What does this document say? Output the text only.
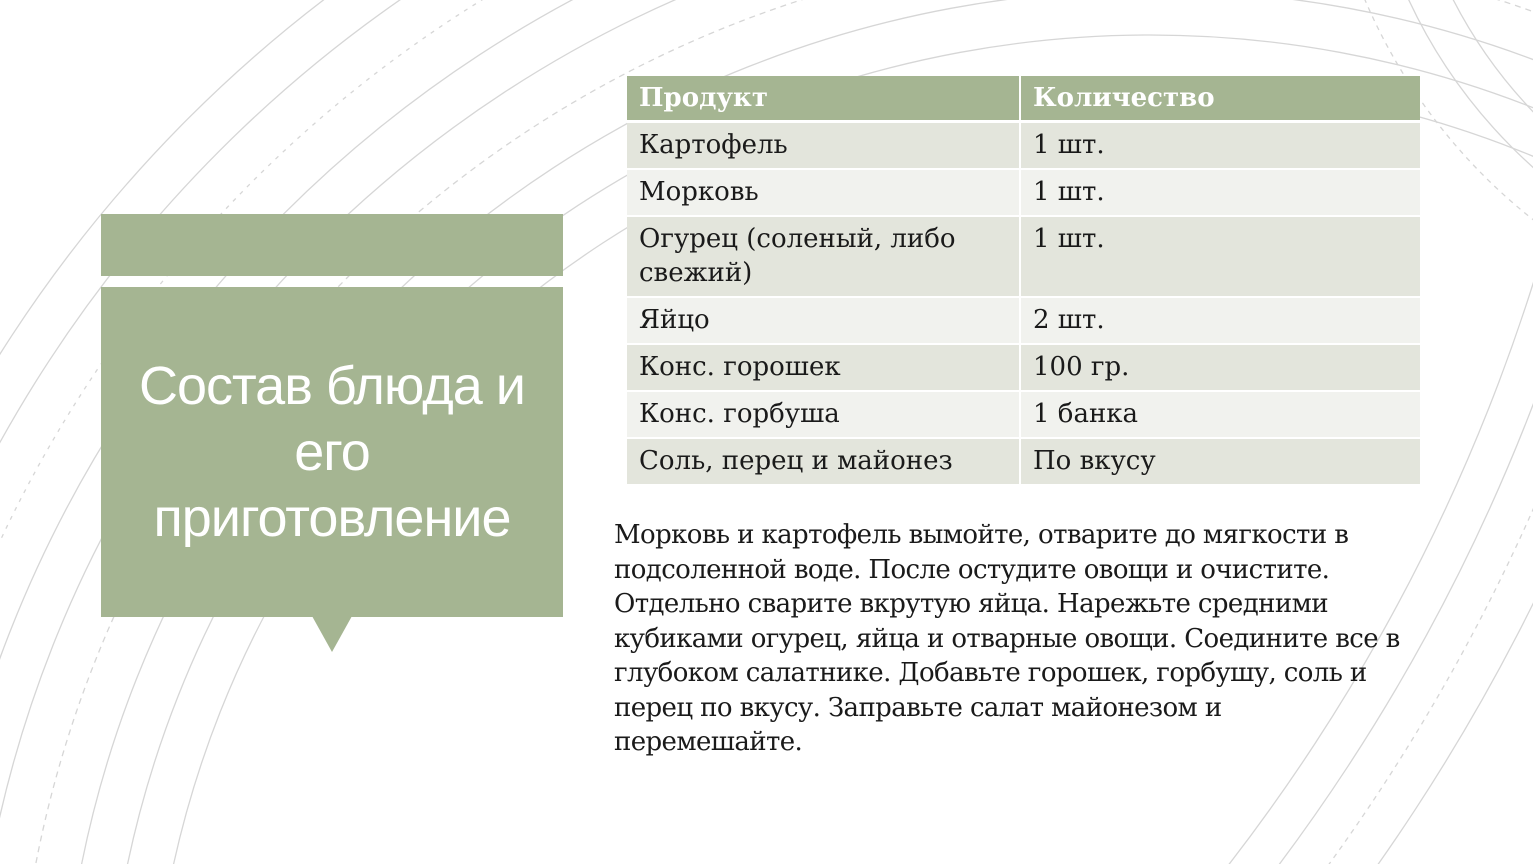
Состав блюда и его приготовление
Продукт	Количество
Картофель	1 шт.
Морковь	1 шт.
Огурец (соленый, либо свежий)	1 шт.
Яйцо	2 шт.
Конс. горошек	100 гр.
Конс. горбуша	1 банка
Соль, перец и майонез	По вкусу

Морковь и картофель вымойте, отварите до мягкости в подсоленной воде. После остудите овощи и очистите. Отдельно сварите вкрутую яйца. Нарежьте средними кубиками огурец, яйца и отварные овощи. Соедините все в глубоком салатнике. Добавьте горошек, горбушу, соль и перец по вкусу. Заправьте салат майонезом и перемешайте.
